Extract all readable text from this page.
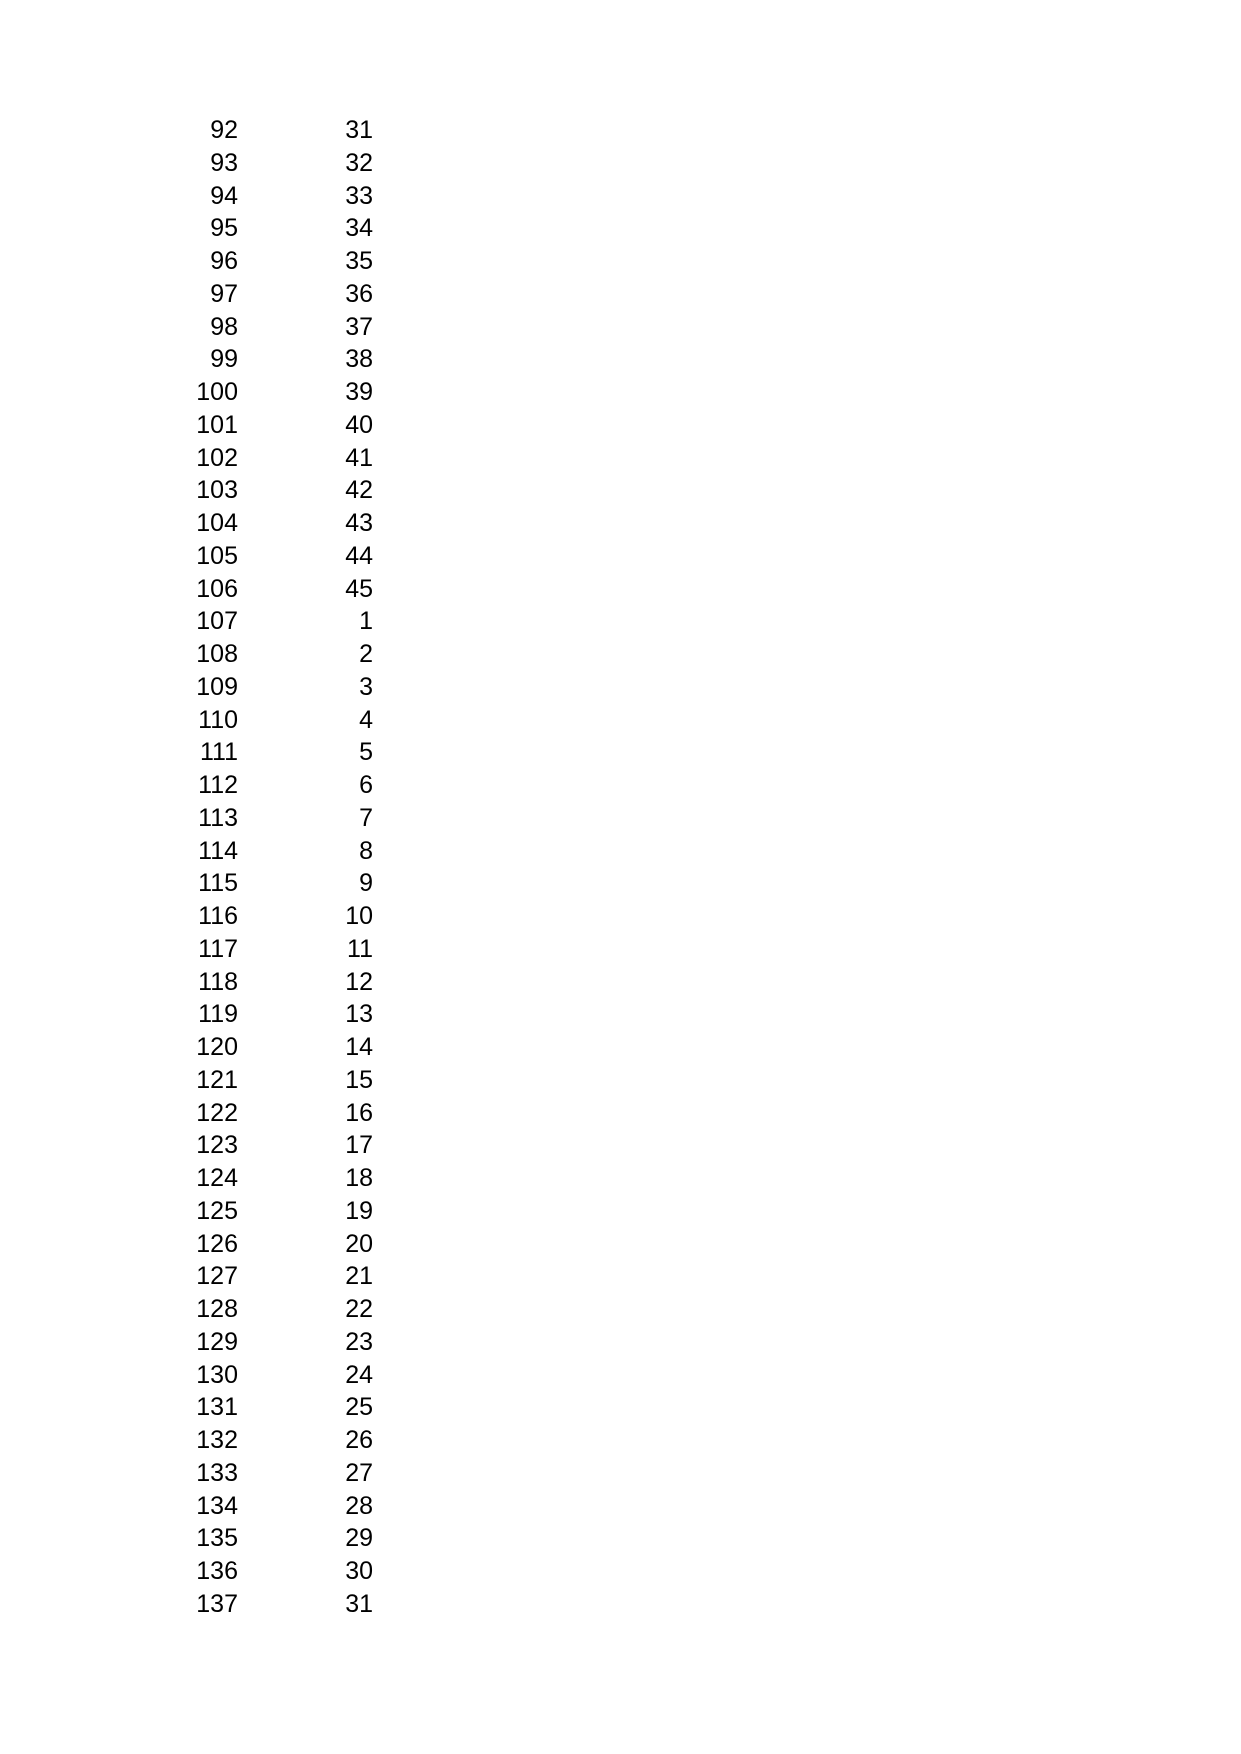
92	31
93	32
94	33
95	34
96	35
97	36
98	37
99	38
100	39
101	40
102	41
103	42
104	43
105	44
106	45
107	1
108	2
109	3
110	4
111	5
112	6
113	7
114	8
115	9
116	10
117	11
118	12
119	13
120	14
121	15
122	16
123	17
124	18
125	19
126	20
127	21
128	22
129	23
130	24
131	25
132	26
133	27
134	28
135	29
136	30
137	31
